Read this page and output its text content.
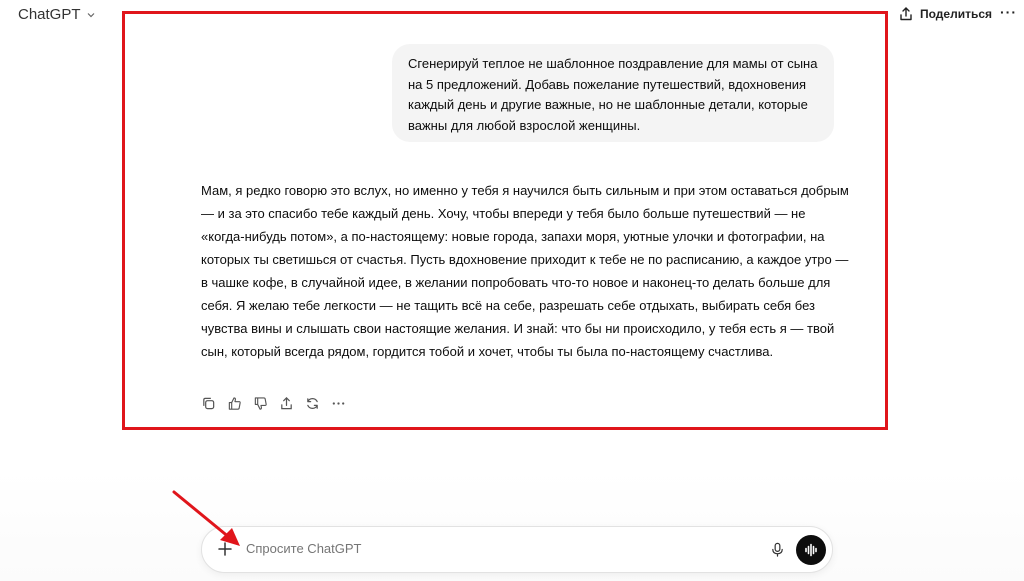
ChatGPT	Поделиться ···
Сгенерируй теплое не шаблонное поздравление для мамы от сына на 5 предложений. Добавь пожелание путешествий, вдохновения каждый день и другие важные, но не шаблонные детали, которые важны для любой взрослой женщины.
Мам, я редко говорю это вслух, но именно у тебя я научился быть сильным и при этом оставаться добрым — и за это спасибо тебе каждый день. Хочу, чтобы впереди у тебя было больше путешествий — не «когда-нибудь потом», а по-настоящему: новые города, запахи моря, уютные улочки и фотографии, на которых ты светишься от счастья. Пусть вдохновение приходит к тебе не по расписанию, а каждое утро — в чашке кофе, в случайной идее, в желании попробовать что-то новое и наконец-то делать больше для себя. Я желаю тебе легкости — не тащить всё на себе, разрешать себе отдыхать, выбирать себя без чувства вины и слышать свои настоящие желания. И знай: что бы ни происходило, у тебя есть я — твой сын, который всегда рядом, гордится тобой и хочет, чтобы ты была по-настоящему счастлива.
Спросите ChatGPT
